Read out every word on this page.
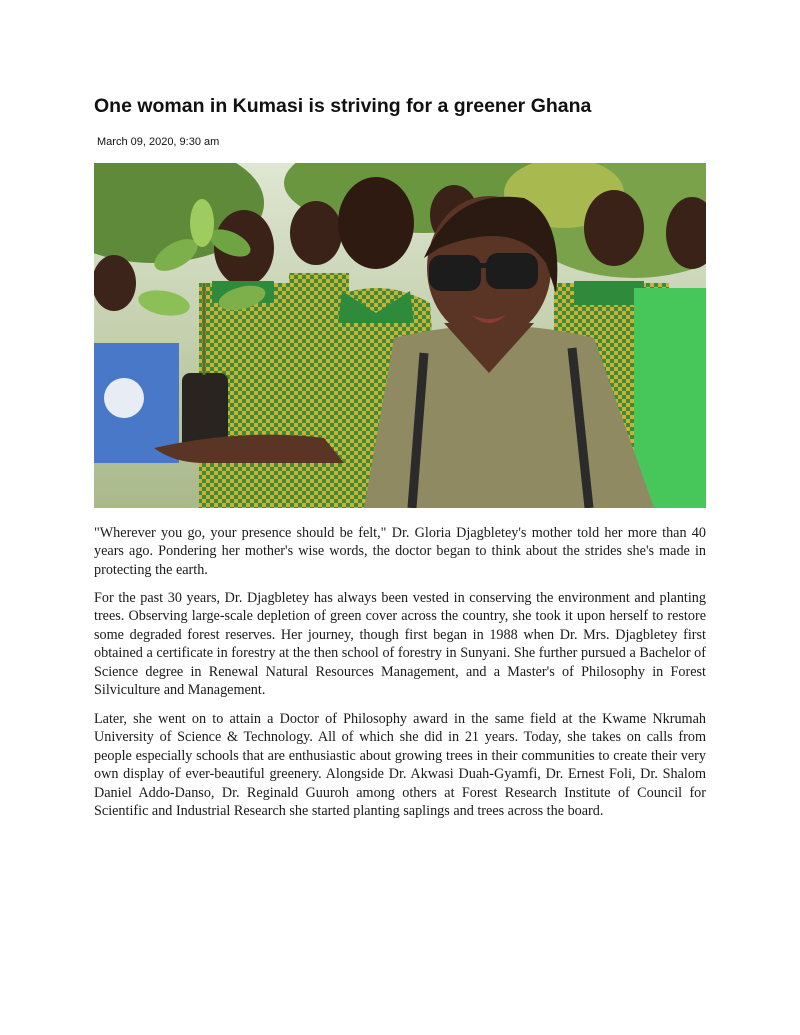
One woman in Kumasi is striving for a greener Ghana
March 09, 2020, 9:30 am

"Wherever you go, your presence should be felt," Dr. Gloria Djagbletey's mother told her more than 40 years ago. Pondering her mother's wise words, the doctor began to think about the strides she's made in protecting the earth.

For the past 30 years, Dr. Djagbletey has always been vested in conserving the environment and planting trees. Observing large-scale depletion of green cover across the country, she took it upon herself to restore some degraded forest reserves. Her journey, though first began in 1988 when Dr. Mrs. Djagbletey first obtained a certificate in forestry at the then school of forestry in Sunyani. She further pursued a Bachelor of Science degree in Renewal Natural Resources Management, and a Master's of Philosophy in Forest Silviculture and Management.

Later, she went on to attain a Doctor of Philosophy award in the same field at the Kwame Nkrumah University of Science & Technology. All of which she did in 21 years. Today, she takes on calls from people especially schools that are enthusiastic about growing trees in their communities to create their very own display of ever-beautiful greenery. Alongside Dr. Akwasi Duah-Gyamfi, Dr. Ernest Foli, Dr. Shalom Daniel Addo-Danso, Dr. Reginald Guuroh among others at Forest Research Institute of Council for Scientific and Industrial Research she started planting saplings and trees across the board.
